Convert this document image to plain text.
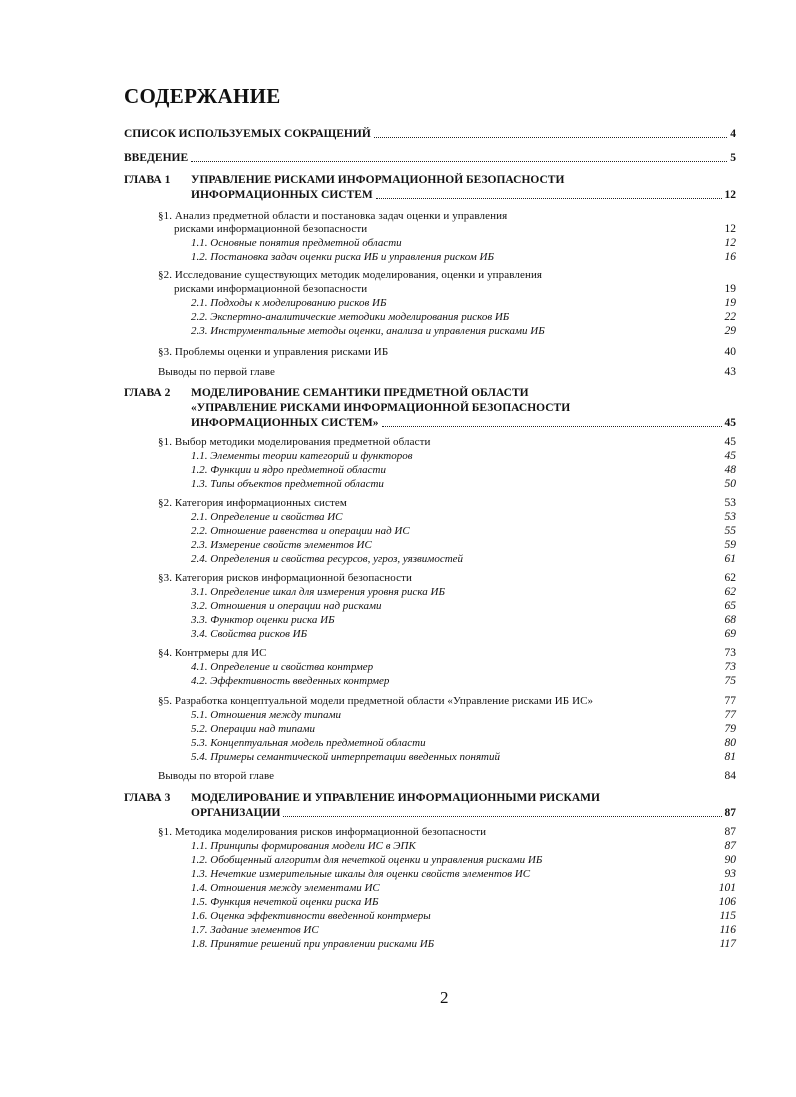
СОДЕРЖАНИЕ
СПИСОК ИСПОЛЬЗУЕМЫХ СОКРАЩЕНИЙ	4
ВВЕДЕНИЕ	5
ГЛАВА 1 УПРАВЛЕНИЕ РИСКАМИ ИНФОРМАЦИОННОЙ БЕЗОПАСНОСТИ
ИНФОРМАЦИОННЫХ СИСТЕМ	12
§1. Анализ предметной области и постановка задач оценки и управления
рисками информационной безопасности	12
1.1. Основные понятия предметной области	12
1.2. Постановка задач оценки риска ИБ и управления риском ИБ	16
§2. Исследование существующих методик моделирования, оценки и управления
рисками информационной безопасности	19
2.1. Подходы к моделированию рисков ИБ	19
2.2. Экспертно-аналитические методики моделирования рисков ИБ	22
2.3. Инструментальные методы оценки, анализа и управления рисками ИБ	29
§3. Проблемы оценки и управления рисками ИБ	40
Выводы по первой главе	43
ГЛАВА 2 МОДЕЛИРОВАНИЕ СЕМАНТИКИ ПРЕДМЕТНОЙ ОБЛАСТИ
«УПРАВЛЕНИЕ РИСКАМИ ИНФОРМАЦИОННОЙ БЕЗОПАСНОСТИ
ИНФОРМАЦИОННЫХ СИСТЕМ»	45
§1. Выбор методики моделирования предметной области	45
1.1. Элементы теории категорий и функторов	45
1.2. Функции и ядро предметной области	48
1.3. Типы объектов предметной области	50
§2. Категория информационных систем	53
2.1. Определение и свойства ИС	53
2.2. Отношение равенства и операции над ИС	55
2.3. Измерение свойств элементов ИС	59
2.4. Определения и свойства ресурсов, угроз, уязвимостей	61
§3. Категория рисков информационной безопасности	62
3.1. Определение шкал для измерения уровня риска ИБ	62
3.2. Отношения и операции над рисками	65
3.3. Функтор оценки риска ИБ	68
3.4. Свойства рисков ИБ	69
§4. Контрмеры для ИС	73
4.1. Определение и свойства контрмер	73
4.2. Эффективность введенных контрмер	75
§5. Разработка концептуальной модели предметной области «Управление рисками ИБ ИС»	77
5.1. Отношения между типами	77
5.2. Операции над типами	79
5.3. Концептуальная модель предметной области	80
5.4. Примеры семантической интерпретации введенных понятий	81
Выводы по второй главе	84
ГЛАВА 3 МОДЕЛИРОВАНИЕ И УПРАВЛЕНИЕ ИНФОРМАЦИОННЫМИ РИСКАМИ
ОРГАНИЗАЦИИ	87
§1. Методика моделирования рисков информационной безопасности	87
1.1. Принципы формирования модели ИС в ЭПК	87
1.2. Обобщенный алгоритм для нечеткой оценки и управления рисками ИБ	90
1.3. Нечеткие измерительные шкалы для оценки свойств элементов ИС	93
1.4. Отношения между элементами ИС	101
1.5. Функция нечеткой оценки риска ИБ	106
1.6. Оценка эффективности введенной контрмеры	115
1.7. Задание элементов ИС	116
1.8. Принятие решений при управлении рисками ИБ	117
2
